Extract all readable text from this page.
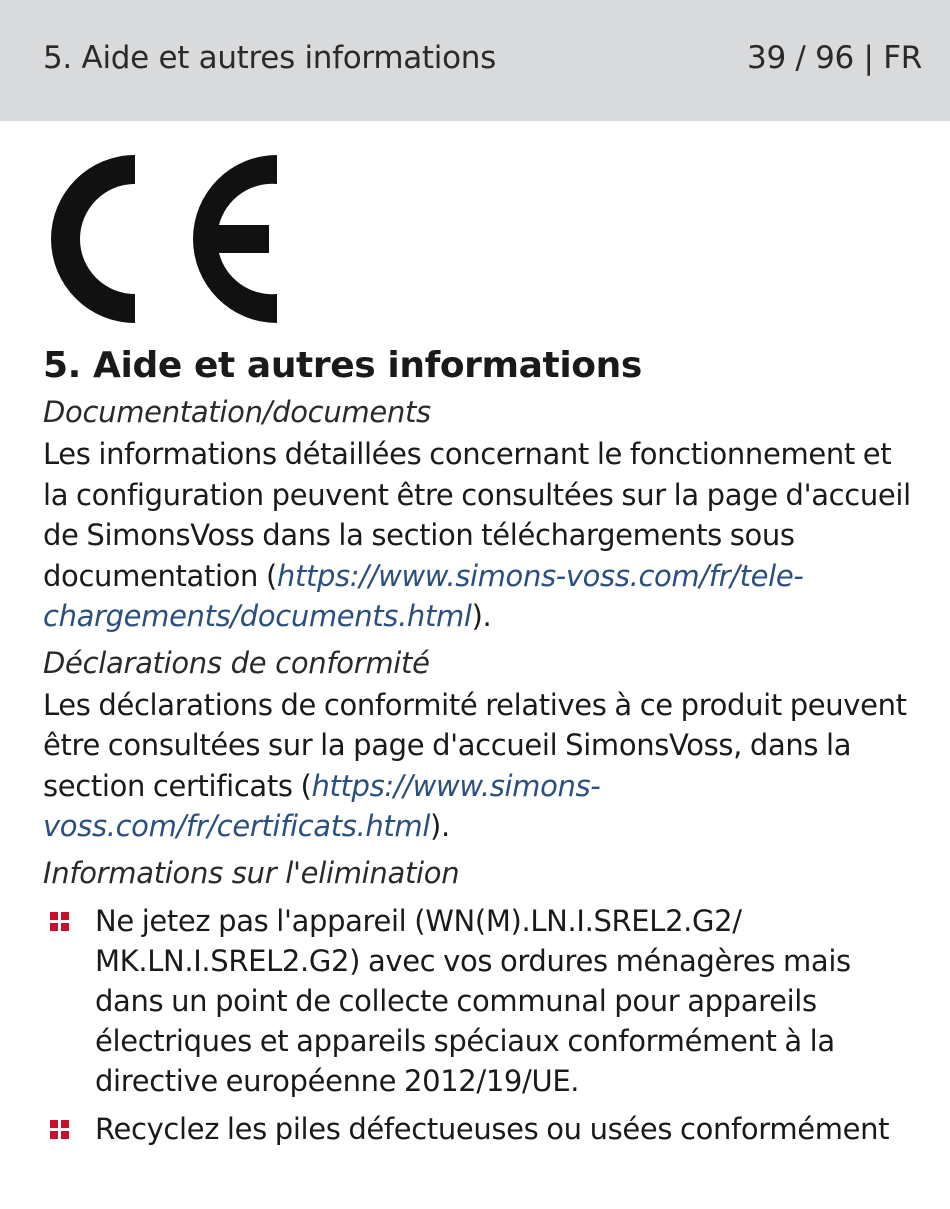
5. Aide et autres informations	39 / 96 | FR
5. Aide et autres informations
Documentation/documents

Les informations détaillées concernant le fonctionnement et la configuration peuvent être consultées sur la page d'accueil de SimonsVoss dans la section téléchargements sous documentation (https://www.simons-voss.com/fr/tele-chargements/documents.html).

Déclarations de conformité

Les déclarations de conformité relatives à ce produit peuvent être consultées sur la page d'accueil SimonsVoss, dans la section certificats (https://www.simons-voss.com/fr/certificats.html).

Informations sur l'elimination
Ne jetez pas l'appareil (WN(M).LN.I.SREL2.G2/ MK.LN.I.SREL2.G2) avec vos ordures ménagères mais dans un point de collecte communal pour appareils électriques et appareils spéciaux conformément à la directive européenne 2012/19/UE.
Recyclez les piles défectueuses ou usées conformément
